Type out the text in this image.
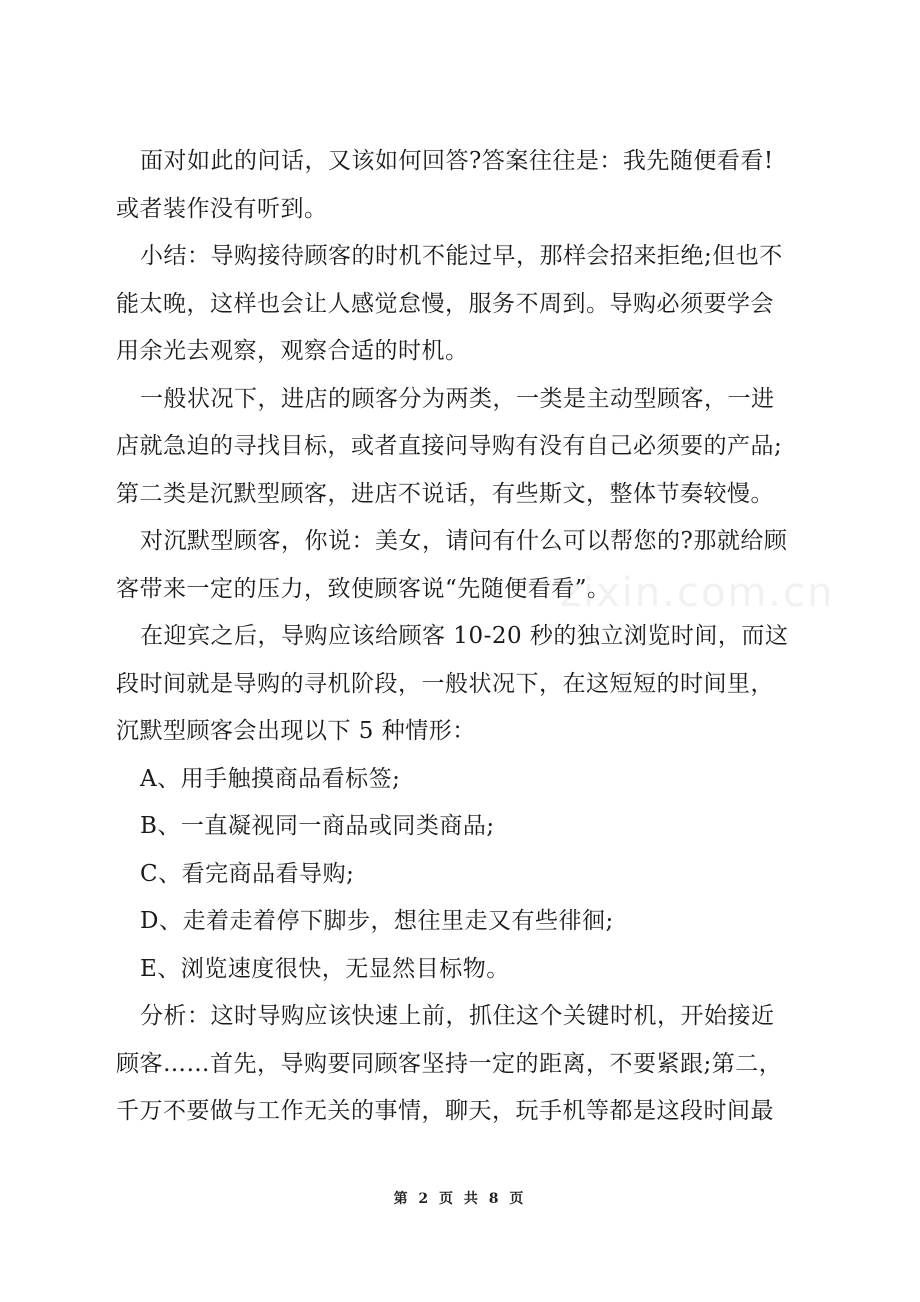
zixin.com.cn

面对如此的问话，又该如何回答?答案往往是：我先随便看看!
或者装作没有听到。

小结：导购接待顾客的时机不能过早，那样会招来拒绝;但也不
能太晚，这样也会让人感觉怠慢，服务不周到。导购必须要学会
用余光去观察，观察合适的时机。

一般状况下，进店的顾客分为两类，一类是主动型顾客，一进
店就急迫的寻找目标，或者直接问导购有没有自己必须要的产品;
第二类是沉默型顾客，进店不说话，有些斯文，整体节奏较慢。

对沉默型顾客，你说：美女，请问有什么可以帮您的?那就给顾
客带来一定的压力，致使顾客说“先随便看看”。

在迎宾之后，导购应该给顾客 10-20 秒的独立浏览时间，而这
段时间就是导购的寻机阶段，一般状况下，在这短短的时间里，
沉默型顾客会出现以下 5 种情形：

A、用手触摸商品看标签;

B、一直凝视同一商品或同类商品;

C、看完商品看导购;

D、走着走着停下脚步，想往里走又有些徘徊;

E、浏览速度很快，无显然目标物。

分析：这时导购应该快速上前，抓住这个关键时机，开始接近
顾客……首先，导购要同顾客坚持一定的距离，不要紧跟;第二，
千万不要做与工作无关的事情，聊天，玩手机等都是这段时间最

第 2 页 共 8 页
